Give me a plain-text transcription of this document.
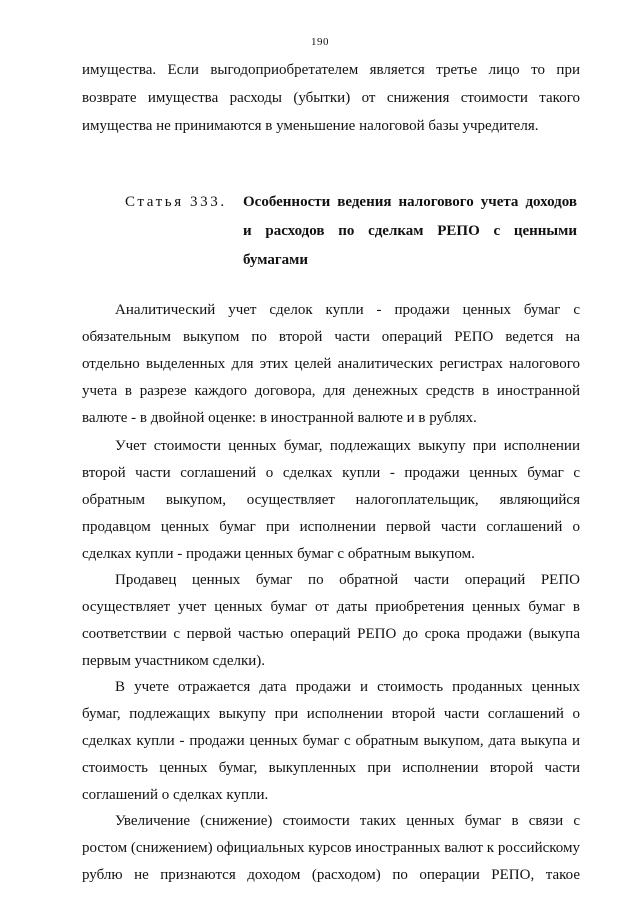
190
имущества. Если выгодоприобретателем является третье лицо то при
возврате имущества расходы (убытки) от снижения стоимости такого
имущества не принимаются в уменьшение налоговой базы учредителя.
Статья 333. Особенности ведения налогового учета доходов
и расходов по сделкам РЕПО с ценными
бумагами
Аналитический учет сделок купли - продажи ценных бумаг с
обязательным выкупом по второй части операций РЕПО ведется на
отдельно выделенных для этих целей аналитических регистрах налогового
учета в разрезе каждого договора, для денежных средств в иностранной
валюте - в двойной оценке: в иностранной валюте и в рублях.
Учет стоимости ценных бумаг, подлежащих выкупу при исполнении
второй части соглашений о сделках купли - продажи ценных бумаг с
обратным выкупом, осуществляет налогоплательщик, являющийся
продавцом ценных бумаг при исполнении первой части соглашений о
сделках купли - продажи ценных бумаг с обратным выкупом.
Продавец ценных бумаг по обратной части операций РЕПО
осуществляет учет ценных бумаг от даты приобретения ценных бумаг в
соответствии с первой частью операций РЕПО до срока продажи (выкупа
первым участником сделки).
В учете отражается дата продажи и стоимость проданных ценных
бумаг, подлежащих выкупу при исполнении второй части соглашений о
сделках купли - продажи ценных бумаг с обратным выкупом, дата выкупа и
стоимость ценных бумаг, выкупленных при исполнении второй части
соглашений о сделках купли.
Увеличение (снижение) стоимости таких ценных бумаг в связи с
ростом (снижением) официальных курсов иностранных валют к российскому
рублю не признаются доходом (расходом) по операции РЕПО, такое
